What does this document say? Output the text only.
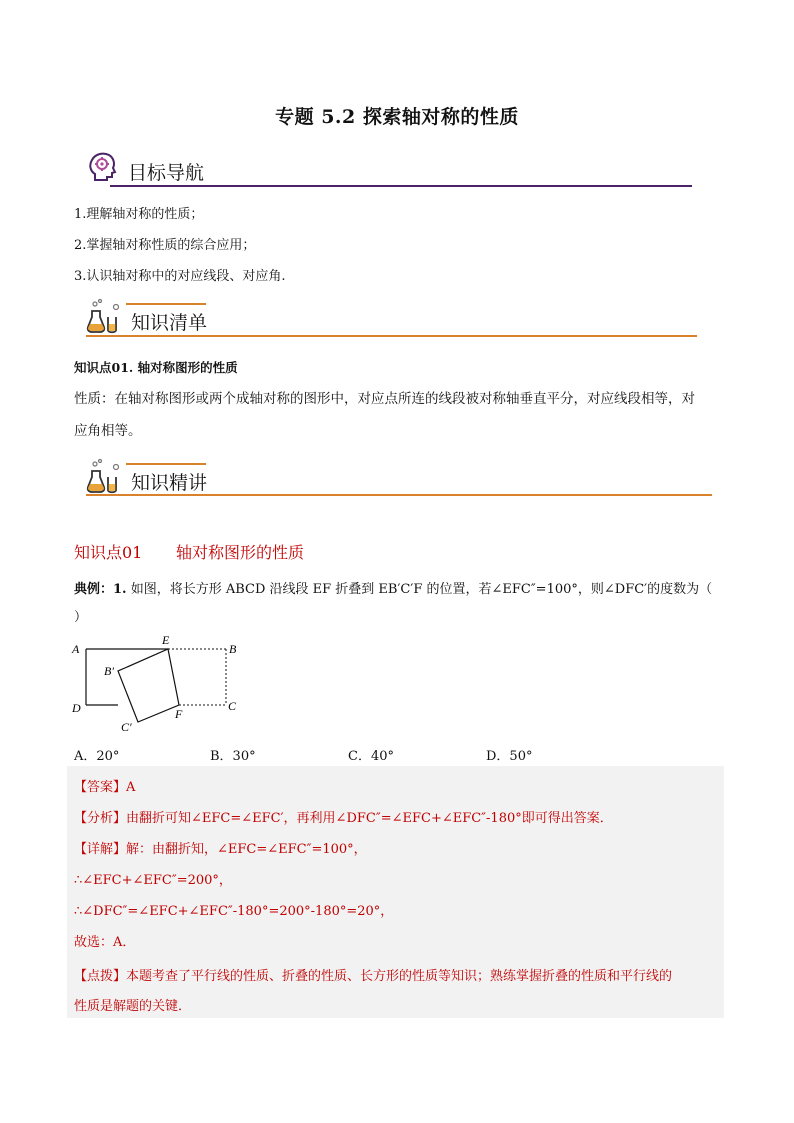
专题 5.2 探索轴对称的性质
目标导航
1.理解轴对称的性质；
2.掌握轴对称性质的综合应用；
3.认识轴对称中的对应线段、对应角.
知识清单
知识点01. 轴对称图形的性质
性质：在轴对称图形或两个成轴对称的图形中，对应点所连的线段被对称轴垂直平分，对应线段相等，对
应角相等。
知识精讲
知识点01 轴对称图形的性质
典例：1. 如图，将长方形 ABCD 沿线段 EF 折叠到 EB′C′F 的位置，若∠EFC″=100°，则∠DFC′的度数为（
）
A
E
B
B′
D	C
F
C′
A．20°	B．30°	C．40°	D．50°
【答案】A
【分析】由翻折可知∠EFC=∠EFC′，再利用∠DFC″=∠EFC+∠EFC″-180°即可得出答案．
【详解】解：由翻折知，∠EFC=∠EFC″=100°，
∴∠EFC+∠EFC″=200°，
∴∠DFC″=∠EFC+∠EFC″-180°=200°-180°=20°，
故选：A．
【点拨】本题考查了平行线的性质、折叠的性质、长方形的性质等知识；熟练掌握折叠的性质和平行线的
性质是解题的关键．
